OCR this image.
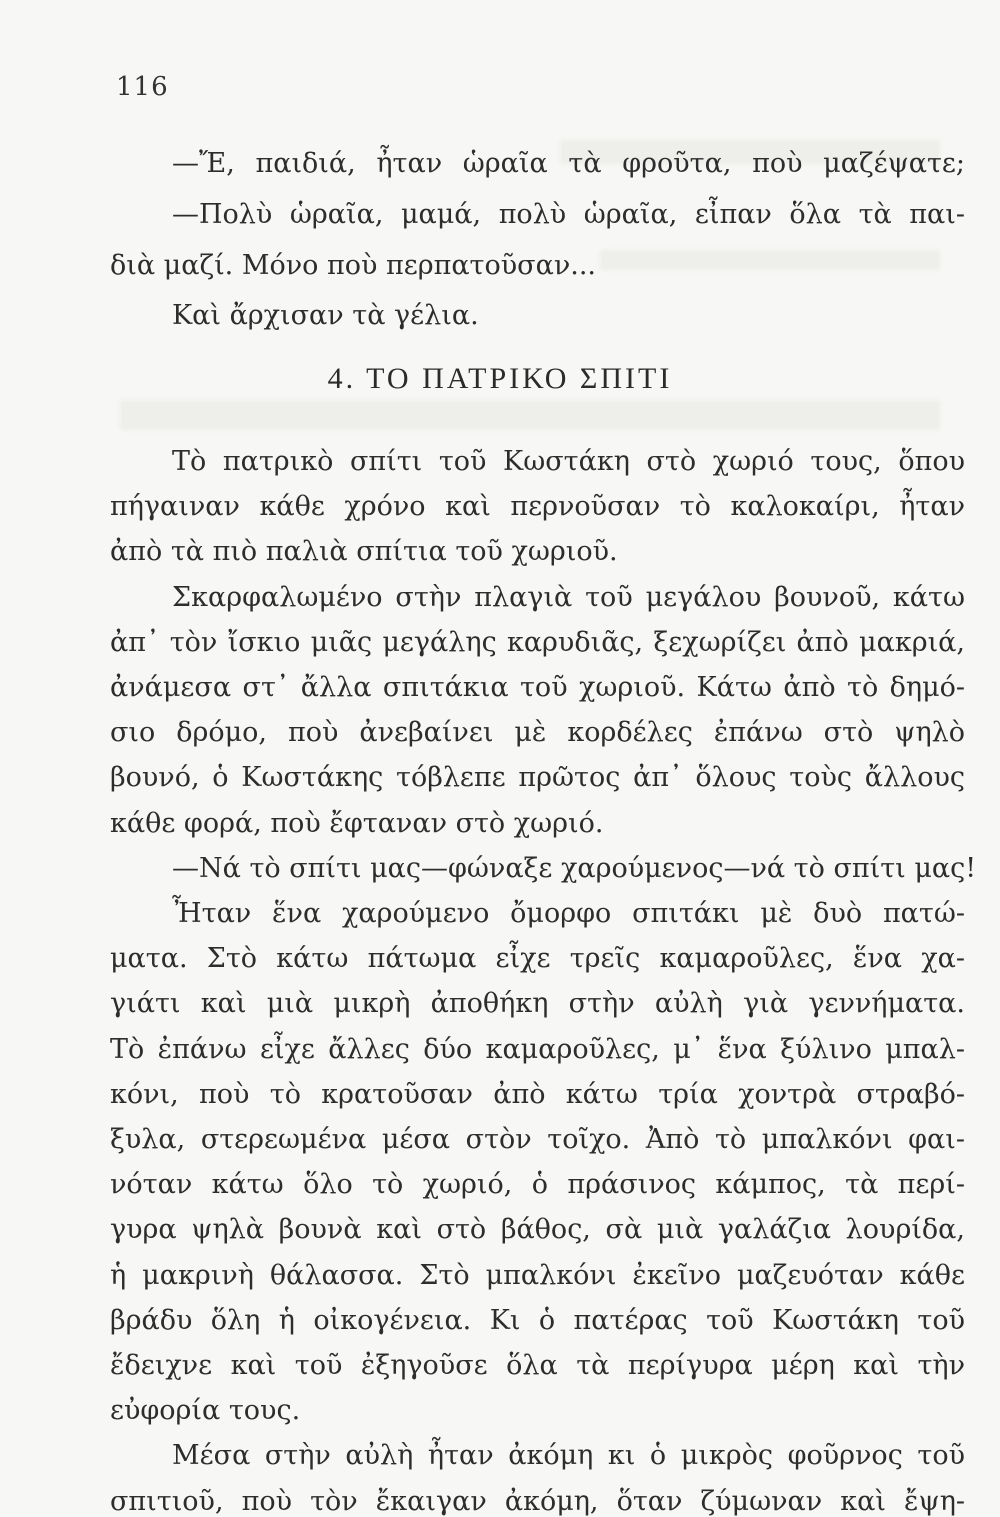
116
—Ἔ, παιδιά, ἦταν ὡραῖα τὰ φροῦτα, ποὺ μαζέψατε;
—Πολὺ ὡραῖα, μαμά, πολὺ ὡραῖα, εἶπαν ὅλα τὰ παι-
διὰ μαζί. Μόνο ποὺ περπατοῦσαν...
Καὶ ἄρχισαν τὰ γέλια.
4. ΤΟ ΠΑΤΡΙΚΟ ΣΠΙΤΙ
Τὸ πατρικὸ σπίτι τοῦ Κωστάκη στὸ χωριό τους, ὅπου
πήγαιναν κάθε χρόνο καὶ περνοῦσαν τὸ καλοκαίρι, ἦταν
ἀπὸ τὰ πιὸ παλιὰ σπίτια τοῦ χωριοῦ.
Σκαρφαλωμένο στὴν πλαγιὰ τοῦ μεγάλου βουνοῦ, κάτω
ἀπ᾽ τὸν ἴσκιο μιᾶς μεγάλης καρυδιᾶς, ξεχωρίζει ἀπὸ μακριά,
ἀνάμεσα στ᾽ ἄλλα σπιτάκια τοῦ χωριοῦ. Κάτω ἀπὸ τὸ δημό-
σιο δρόμο, ποὺ ἀνεβαίνει μὲ κορδέλες ἐπάνω στὸ ψηλὸ
βουνό, ὁ Κωστάκης τόβλεπε πρῶτος ἀπ᾽ ὅλους τοὺς ἄλλους
κάθε φορά, ποὺ ἔφταναν στὸ χωριό.
—Νά τὸ σπίτι μας—φώναξε χαρούμενος—νά τὸ σπίτι μας!
Ἦταν ἕνα χαρούμενο ὄμορφο σπιτάκι μὲ δυὸ πατώ-
ματα. Στὸ κάτω πάτωμα εἶχε τρεῖς καμαροῦλες, ἕνα χα-
γιάτι καὶ μιὰ μικρὴ ἀποθήκη στὴν αὐλὴ γιὰ γεννήματα.
Τὸ ἐπάνω εἶχε ἄλλες δύο καμαροῦλες, μ᾽ ἕνα ξύλινο μπαλ-
κόνι, ποὺ τὸ κρατοῦσαν ἀπὸ κάτω τρία χοντρὰ στραβό-
ξυλα, στερεωμένα μέσα στὸν τοῖχο. Ἀπὸ τὸ μπαλκόνι φαι-
νόταν κάτω ὅλο τὸ χωριό, ὁ πράσινος κάμπος, τὰ περί-
γυρα ψηλὰ βουνὰ καὶ στὸ βάθος, σὰ μιὰ γαλάζια λουρίδα,
ἡ μακρινὴ θάλασσα. Στὸ μπαλκόνι ἐκεῖνο μαζευόταν κάθε
βράδυ ὅλη ἡ οἰκογένεια. Κι ὁ πατέρας τοῦ Κωστάκη τοῦ
ἔδειχνε καὶ τοῦ ἐξηγοῦσε ὅλα τὰ περίγυρα μέρη καὶ τὴν
εὐφορία τους.
Μέσα στὴν αὐλὴ ἦταν ἀκόμη κι ὁ μικρὸς φοῦρνος τοῦ
σπιτιοῦ, ποὺ τὸν ἔκαιγαν ἀκόμη, ὅταν ζύμωναν καὶ ἔψη-
